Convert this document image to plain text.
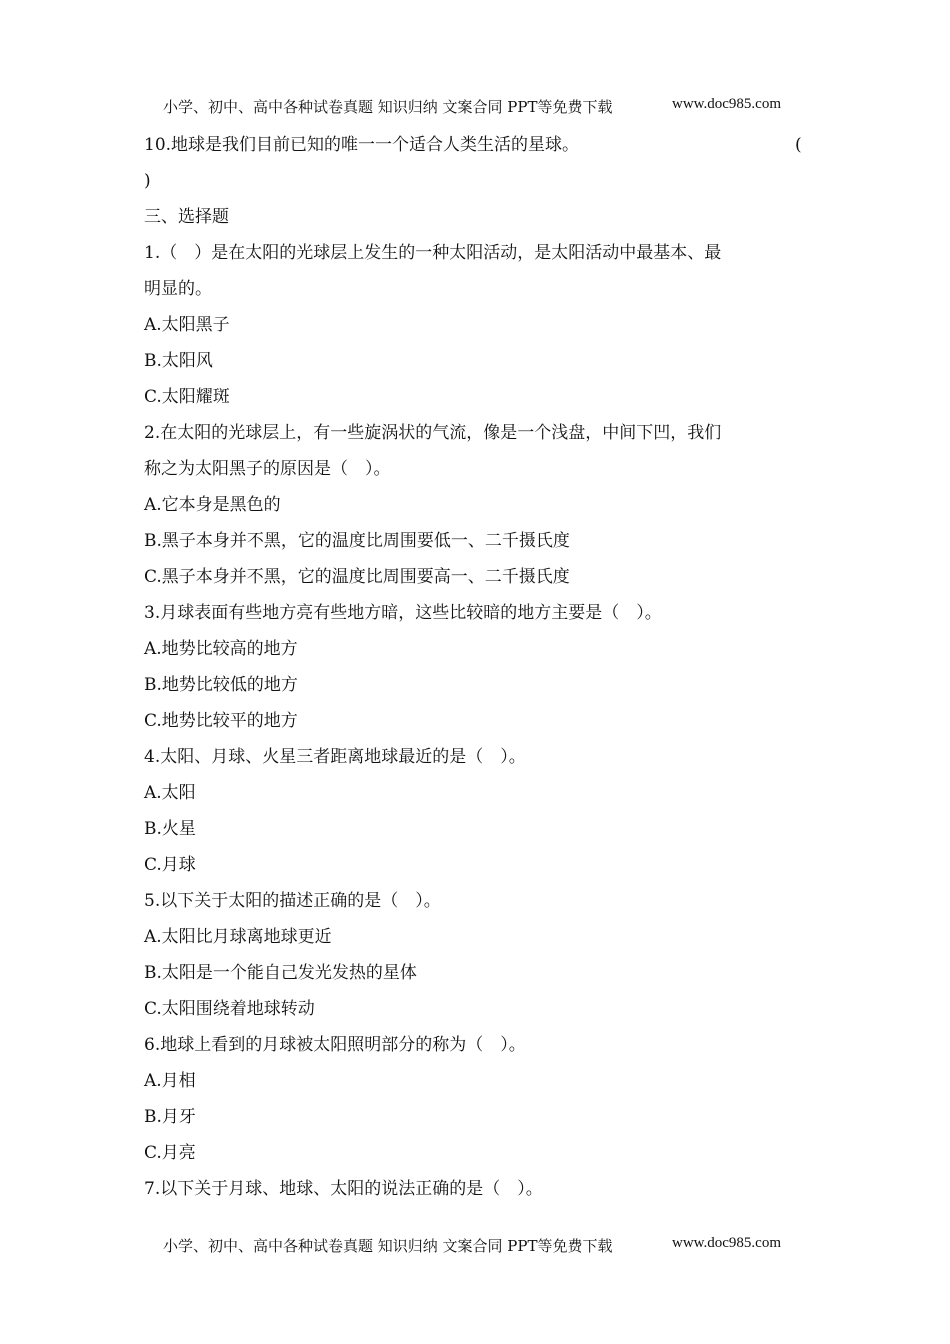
小学、初中、高中各种试卷真题 知识归纳 文案合同 PPT等免费下载	www.doc985.com
10.地球是我们目前已知的唯一一个适合人类生活的星球。	(
)
三、选择题
1.（　）是在太阳的光球层上发生的一种太阳活动，是太阳活动中最基本、最
明显的。
A.太阳黑子
B.太阳风
C.太阳耀斑
2.在太阳的光球层上，有一些旋涡状的气流，像是一个浅盘，中间下凹，我们
称之为太阳黑子的原因是（　）。
A.它本身是黑色的
B.黑子本身并不黑，它的温度比周围要低一、二千摄氏度
C.黑子本身并不黑，它的温度比周围要高一、二千摄氏度
3.月球表面有些地方亮有些地方暗，这些比较暗的地方主要是（　）。
A.地势比较高的地方
B.地势比较低的地方
C.地势比较平的地方
4.太阳、月球、火星三者距离地球最近的是（　）。
A.太阳
B.火星
C.月球
5.以下关于太阳的描述正确的是（　）。
A.太阳比月球离地球更近
B.太阳是一个能自己发光发热的星体
C.太阳围绕着地球转动
6.地球上看到的月球被太阳照明部分的称为（　）。
A.月相
B.月牙
C.月亮
7.以下关于月球、地球、太阳的说法正确的是（　）。
小学、初中、高中各种试卷真题 知识归纳 文案合同 PPT等免费下载	www.doc985.com
